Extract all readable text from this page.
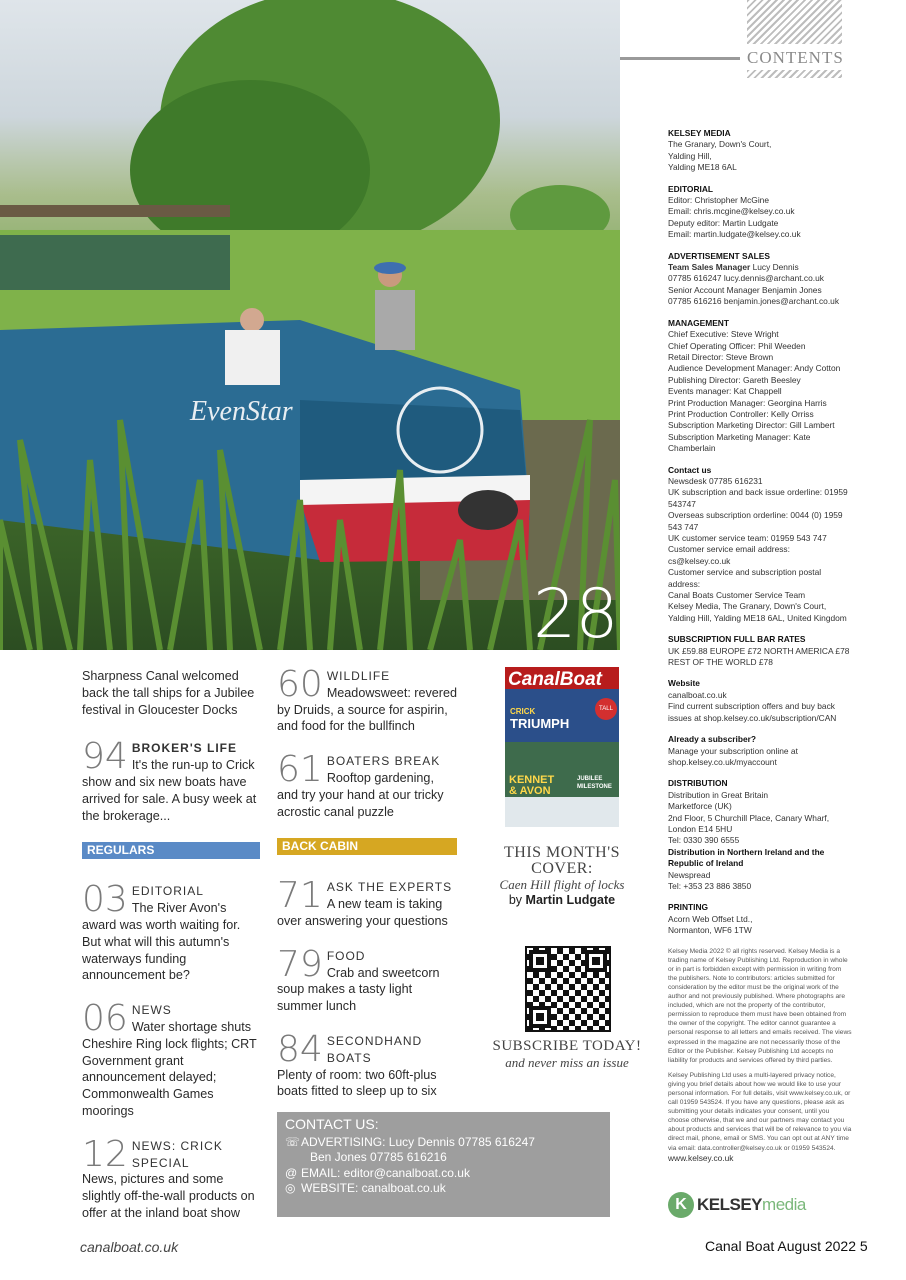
EvenStar
28
CONTENTS
Sharpness Canal welcomed back the tall ships for a Jubilee festival in Gloucester Docks
94 BROKER'S LIFE
It's the run-up to Crick show and six new boats have arrived for sale. A busy week at the brokerage...
REGULARS
03 EDITORIAL
The River Avon's award was worth waiting for. But what will this autumn's waterways funding announcement be?
06 NEWS
Water shortage shuts Cheshire Ring lock flights; CRT Government grant announcement delayed; Commonwealth Games moorings
12 NEWS: CRICK SPECIAL
News, pictures and some slightly off-the-wall products on offer at the inland boat show
60 WILDLIFE
Meadowsweet: revered by Druids, a source for aspirin, and food for the bullfinch
61 BOATERS BREAK
Rooftop gardening, and try your hand at our tricky acrostic canal puzzle
BACK CABIN
71 ASK THE EXPERTS
A new team is taking over answering your questions
79 FOOD
Crab and sweetcorn soup makes a tasty light summer lunch
84 SECONDHAND BOATS
Plenty of room: two 60ft-plus boats fitted to sleep up to six
CanalBoat
CRICK
TRIUMPH
TALL
KENNET
& AVON
JUBILEE
MILESTONE
THIS MONTH'S
COVER:
Caen Hill flight of locks
by Martin Ludgate
SUBSCRIBE TODAY!
and never miss an issue
CONTACT US:
☏ ADVERTISING: Lucy Dennis 07785 616247
Ben Jones 07785 616216
@ EMAIL: editor@canalboat.co.uk
◎ WEBSITE: canalboat.co.uk
KELSEY MEDIA
The Granary, Down's Court,
Yalding Hill,
Yalding ME18 6AL
EDITORIAL
Editor: Christopher McGine
Email: chris.mcgine@kelsey.co.uk
Deputy editor: Martin Ludgate
Email: martin.ludgate@kelsey.co.uk
ADVERTISEMENT SALES
Team Sales Manager Lucy Dennis
07785 616247 lucy.dennis@archant.co.uk
Senior Account Manager Benjamin Jones
07785 616216 benjamin.jones@archant.co.uk
MANAGEMENT
Chief Executive: Steve Wright
Chief Operating Officer: Phil Weeden
Retail Director: Steve Brown
Audience Development Manager: Andy Cotton
Publishing Director: Gareth Beesley
Events manager: Kat Chappell
Print Production Manager: Georgina Harris
Print Production Controller: Kelly Orriss
Subscription Marketing Director: Gill Lambert
Subscription Marketing Manager: Kate Chamberlain
Contact us
Newsdesk 07785 616231
UK subscription and back issue orderline: 01959 543747
Overseas subscription orderline: 0044 (0) 1959 543 747
UK customer service team: 01959 543 747
Customer service email address: cs@kelsey.co.uk
Customer service and subscription postal address:
Canal Boats Customer Service Team
Kelsey Media, The Granary, Down's Court, Yalding Hill, Yalding ME18 6AL, United Kingdom
SUBSCRIPTION FULL BAR RATES
UK £59.88 EUROPE £72 NORTH AMERICA £78
REST OF THE WORLD £78
Website
canalboat.co.uk
Find current subscription offers and buy back issues at shop.kelsey.co.uk/subscription/CAN
Already a subscriber?
Manage your subscription online at shop.kelsey.co.uk/myaccount
DISTRIBUTION
Distribution in Great Britain
Marketforce (UK)
2nd Floor, 5 Churchill Place, Canary Wharf, London E14 5HU
Tel: 0330 390 6555
Distribution in Northern Ireland and the Republic of Ireland
Newspread
Tel: +353 23 886 3850
PRINTING
Acorn Web Offset Ltd.,
Normanton, WF6 1TW
Kelsey Media 2022 © all rights reserved. Kelsey Media is a trading name of Kelsey Publishing Ltd. Reproduction in whole or in part is forbidden except with permission in writing from the publishers. Note to contributors: articles submitted for consideration by the editor must be the original work of the author and not previously published. Where photographs are included, which are not the property of the contributor, permission to reproduce them must have been obtained from the owner of the copyright. The editor cannot guarantee a personal response to all letters and emails received. The views expressed in the magazine are not necessarily those of the Editor or the Publisher. Kelsey Publishing Ltd accepts no liability for products and services offered by third parties.
Kelsey Publishing Ltd uses a multi-layered privacy notice, giving you brief details about how we would like to use your personal information. For full details, visit www.kelsey.co.uk, or call 01959 543524. If you have any questions, please ask as submitting your details indicates your consent, until you choose otherwise, that we and our partners may contact you about products and services that will be of relevance to you via direct mail, phone, email or SMS. You can opt out at ANY time via email: data.controller@kelsey.co.uk or 01959 543524.
www.kelsey.co.uk
K KELSEYmedia
canalboat.co.uk	Canal Boat August 2022 5
